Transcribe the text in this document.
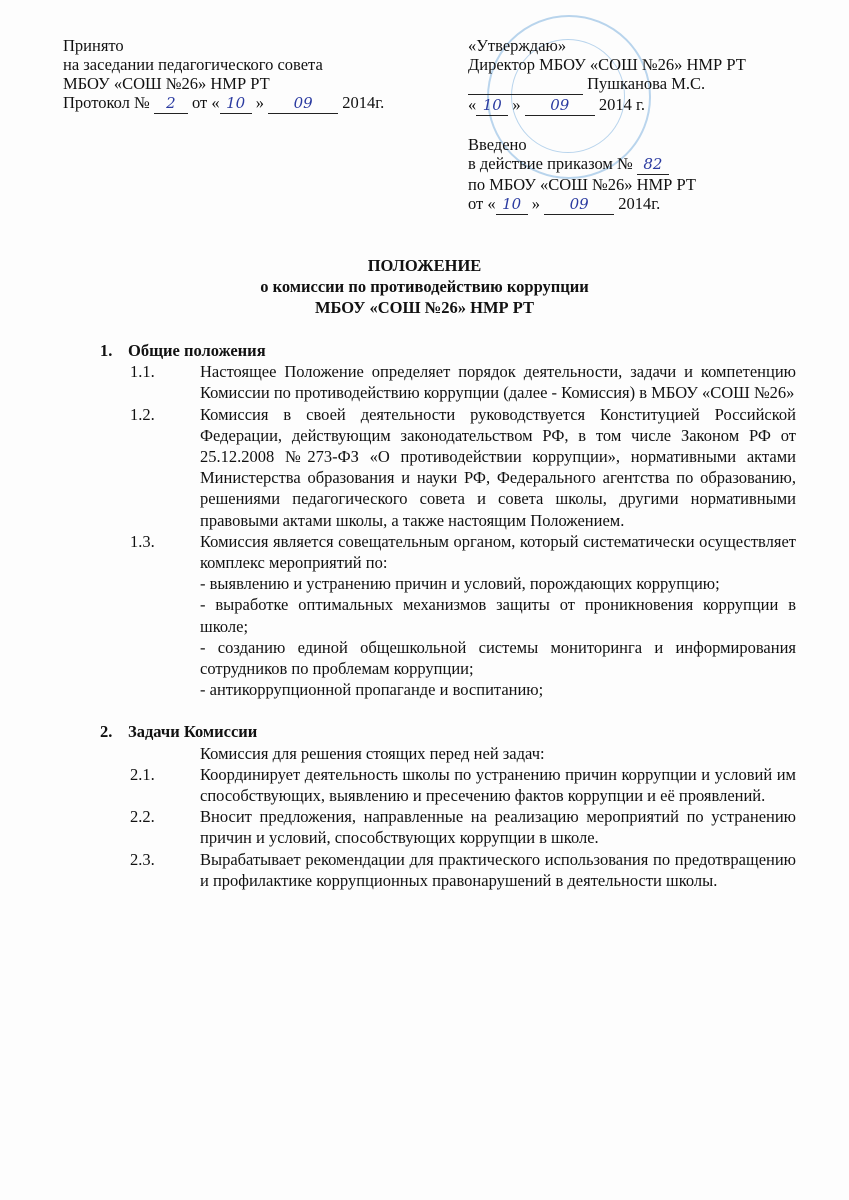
Принято
на заседании педагогического совета
МБОУ «СОШ №26» НМР РТ
Протокол № 2 от « 10 » 09 2014г.
«Утверждаю»
Директор МБОУ «СОШ №26» НМР РТ
Пушканова М.С.
« 10 » 09 2014 г.
Введено
в действие приказом № 82
по МБОУ «СОШ №26» НМР РТ
от « 10 » 09 2014г.
ПОЛОЖЕНИЕ
о комиссии по противодействию коррупции
МБОУ «СОШ №26» НМР РТ
1. Общие положения
1.1.	Настоящее Положение определяет порядок деятельности, задачи и компетенцию Комиссии по противодействию коррупции (далее - Комиссия) в МБОУ «СОШ №26»
1.2.	Комиссия в своей деятельности руководствуется Конституцией Российской Федерации, действующим законодательством РФ, в том числе Законом РФ от 25.12.2008 №273-ФЗ «О противодействии коррупции», нормативными актами Министерства образования и науки РФ, Федерального агентства по образованию, решениями педагогического совета и совета школы, другими нормативными правовыми актами школы, а также настоящим Положением.
1.3.	Комиссия является совещательным органом, который систематически осуществляет комплекс мероприятий по:
- выявлению и устранению причин и условий, порождающих коррупцию;
- выработке оптимальных механизмов защиты от проникновения коррупции в школе;
- созданию единой общешкольной системы мониторинга и информирования сотрудников по проблемам коррупции;
- антикоррупционной пропаганде и воспитанию;
2. Задачи Комиссии
Комиссия для решения стоящих перед ней задач:
2.1.	Координирует деятельность школы по устранению причин коррупции и условий им способствующих, выявлению и пресечению фактов коррупции и её проявлений.
2.2.	Вносит предложения, направленные на реализацию мероприятий по устранению причин и условий, способствующих коррупции в школе.
2.3.	Вырабатывает рекомендации для практического использования по предотвращению и профилактике коррупционных правонарушений в деятельности школы.
